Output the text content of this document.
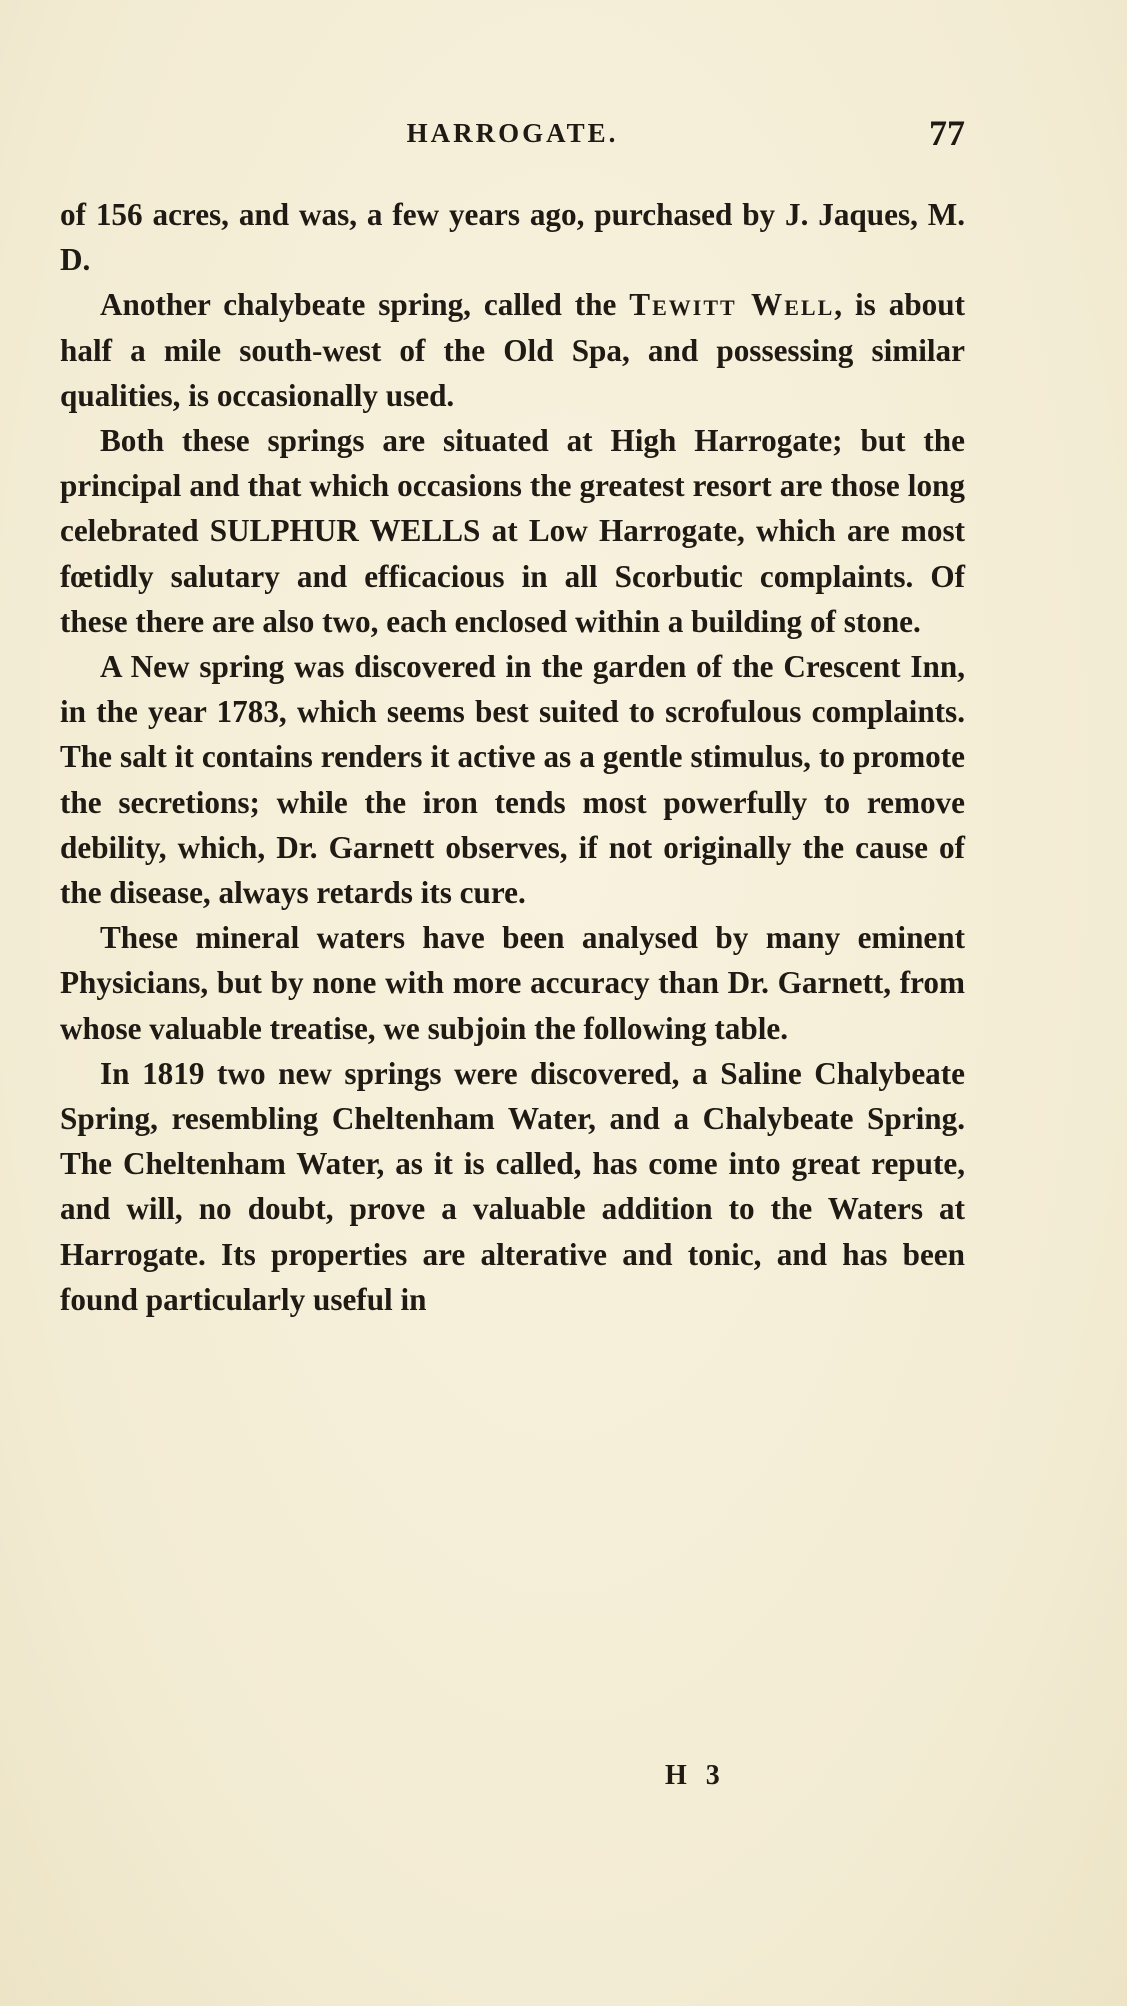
HARROGATE.	77

of 156 acres, and was, a few years ago, purchased by J. Jaques, M. D.

Another chalybeate spring, called the Tewitt Well, is about half a mile south-west of the Old Spa, and possessing similar qualities, is occasionally used.

Both these springs are situated at High Harrogate; but the principal and that which occasions the greatest resort are those long celebrated SULPHUR WELLS at Low Harrogate, which are most fœtidly salutary and efficacious in all Scorbutic complaints. Of these there are also two, each enclosed within a building of stone.

A New spring was discovered in the garden of the Crescent Inn, in the year 1783, which seems best suited to scrofulous complaints. The salt it contains renders it active as a gentle stimulus, to promote the secretions; while the iron tends most powerfully to remove debility, which, Dr. Garnett observes, if not originally the cause of the disease, always retards its cure.

These mineral waters have been analysed by many eminent Physicians, but by none with more accuracy than Dr. Garnett, from whose valuable treatise, we subjoin the following table.

In 1819 two new springs were discovered, a Saline Chalybeate Spring, resembling Cheltenham Water, and a Chalybeate Spring. The Cheltenham Water, as it is called, has come into great repute, and will, no doubt, prove a valuable addition to the Waters at Harrogate. Its properties are alterative and tonic, and has been found particularly useful in

H 3
